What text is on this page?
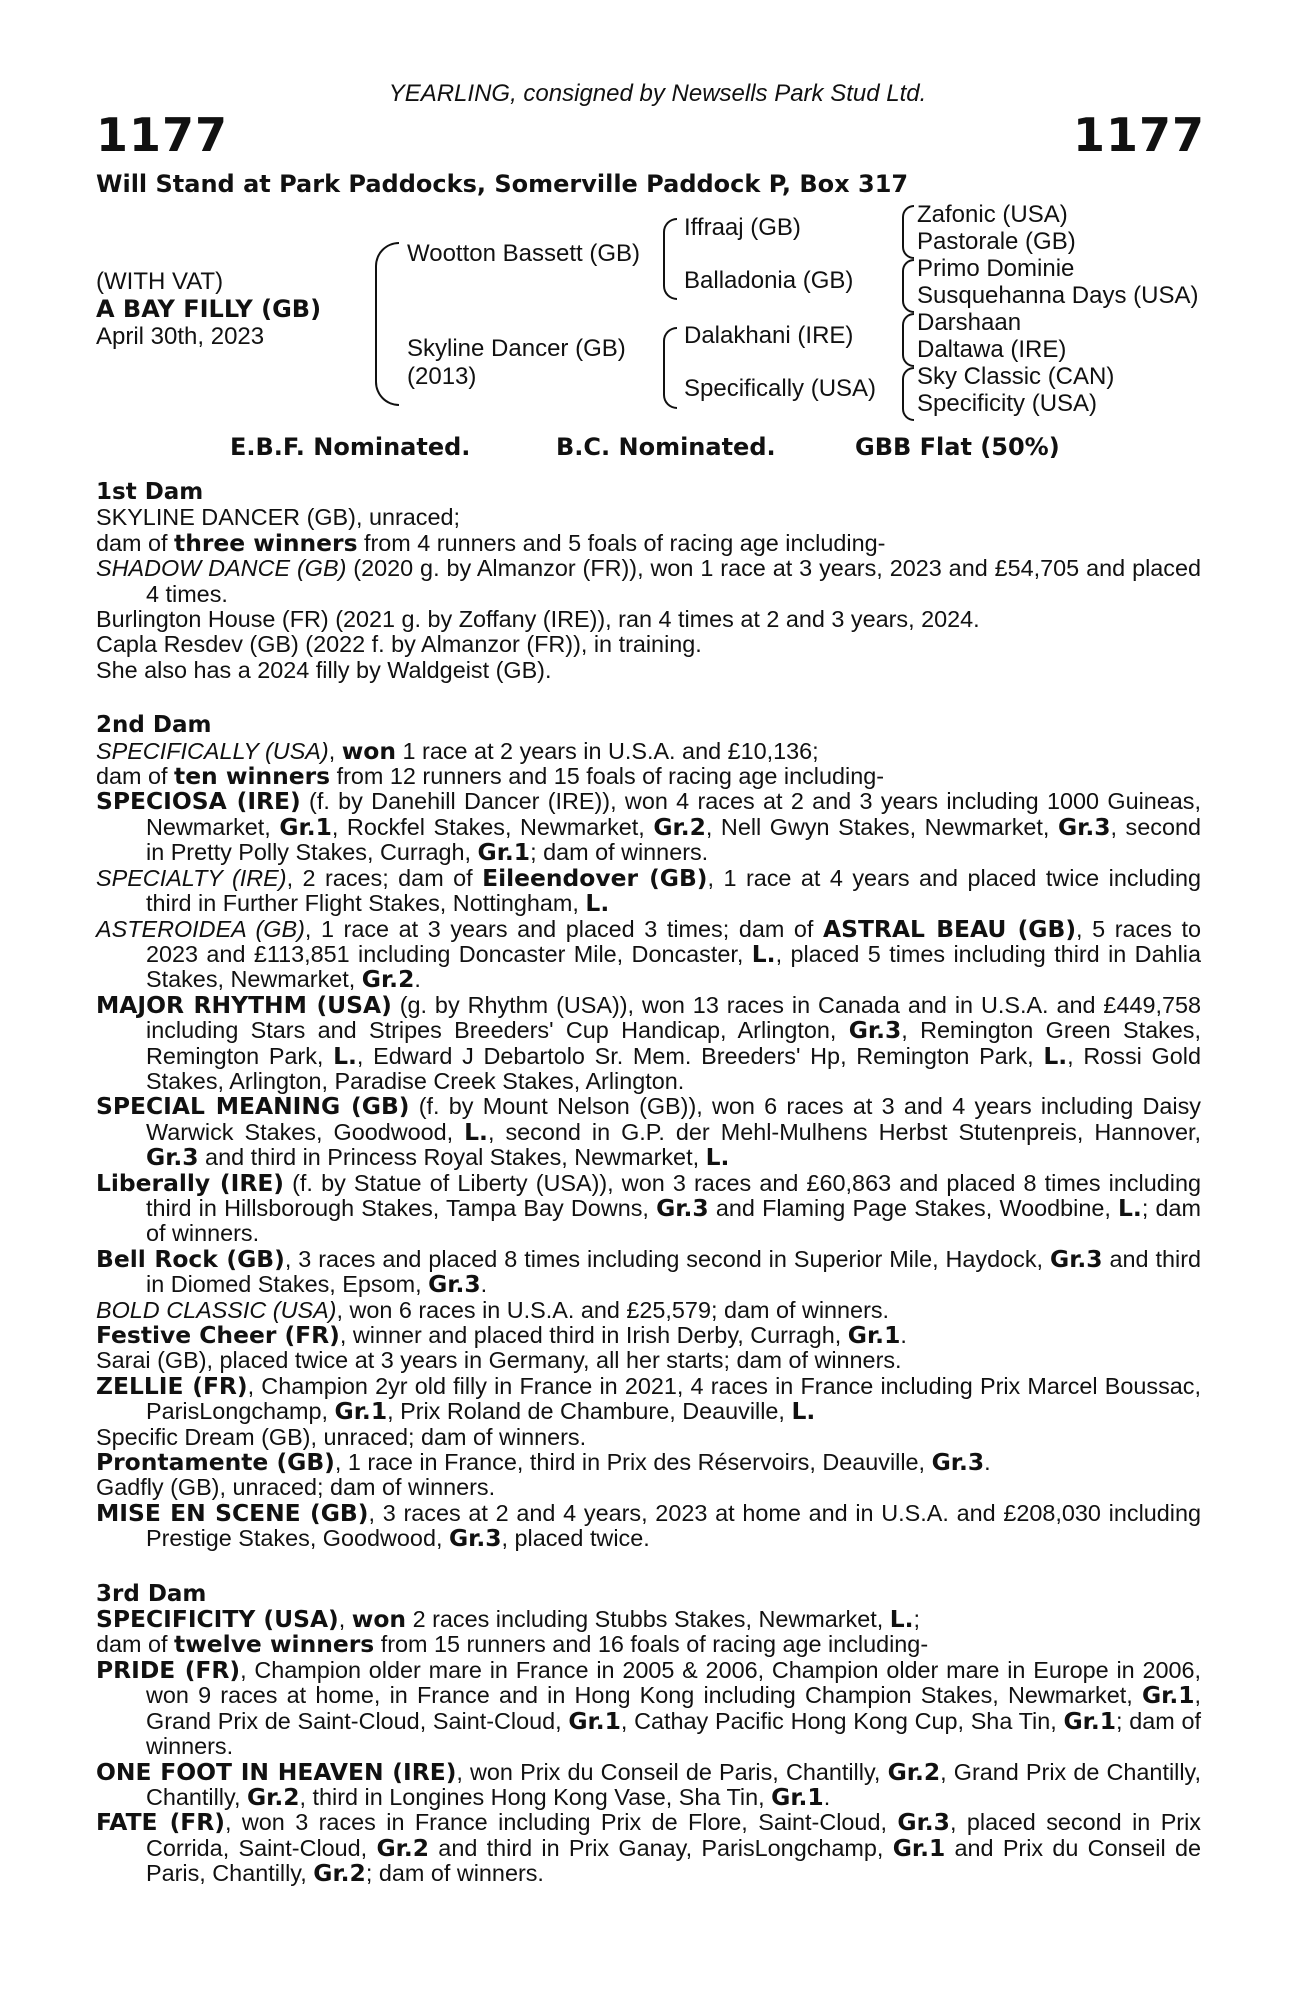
YEARLING, consigned by Newsells Park Stud Ltd.
1177	1177
Will Stand at Park Paddocks, Somerville Paddock P, Box 317
(WITH VAT)
A BAY FILLY (GB)
April 30th, 2023
Wootton Bassett (GB)
Skyline Dancer (GB)
(2013)
Iffraaj (GB)
Balladonia (GB)
Dalakhani (IRE)
Specifically (USA)
Zafonic (USA)
Pastorale (GB)
Primo Dominie
Susquehanna Days (USA)
Darshaan
Daltawa (IRE)
Sky Classic (CAN)
Specificity (USA)
E.B.F. Nominated.	B.C. Nominated.	GBB Flat (50%)

1st Dam

SKYLINE DANCER (GB), unraced;

dam of three winners from 4 runners and 5 foals of racing age including-

SHADOW DANCE (GB) (2020 g. by Almanzor (FR)), won 1 race at 3 years, 2023 and £54,705 and placed 4 times.

Burlington House (FR) (2021 g. by Zoffany (IRE)), ran 4 times at 2 and 3 years, 2024.

Capla Resdev (GB) (2022 f. by Almanzor (FR)), in training.

She also has a 2024 filly by Waldgeist (GB).

2nd Dam

SPECIFICALLY (USA), won 1 race at 2 years in U.S.A. and £10,136;

dam of ten winners from 12 runners and 15 foals of racing age including-

SPECIOSA (IRE) (f. by Danehill Dancer (IRE)), won 4 races at 2 and 3 years including 1000 Guineas, Newmarket, Gr.1, Rockfel Stakes, Newmarket, Gr.2, Nell Gwyn Stakes, Newmarket, Gr.3, second in Pretty Polly Stakes, Curragh, Gr.1; dam of winners.

SPECIALTY (IRE), 2 races; dam of Eileendover (GB), 1 race at 4 years and placed twice including third in Further Flight Stakes, Nottingham, L.

ASTEROIDEA (GB), 1 race at 3 years and placed 3 times; dam of ASTRAL BEAU (GB), 5 races to 2023 and £113,851 including Doncaster Mile, Doncaster, L., placed 5 times including third in Dahlia Stakes, Newmarket, Gr.2.

MAJOR RHYTHM (USA) (g. by Rhythm (USA)), won 13 races in Canada and in U.S.A. and £449,758 including Stars and Stripes Breeders' Cup Handicap, Arlington, Gr.3, Remington Green Stakes, Remington Park, L., Edward J Debartolo Sr. Mem. Breeders' Hp, Remington Park, L., Rossi Gold Stakes, Arlington, Paradise Creek Stakes, Arlington.

SPECIAL MEANING (GB) (f. by Mount Nelson (GB)), won 6 races at 3 and 4 years including Daisy Warwick Stakes, Goodwood, L., second in G.P. der Mehl-Mulhens Herbst Stutenpreis, Hannover, Gr.3 and third in Princess Royal Stakes, Newmarket, L.

Liberally (IRE) (f. by Statue of Liberty (USA)), won 3 races and £60,863 and placed 8 times including third in Hillsborough Stakes, Tampa Bay Downs, Gr.3 and Flaming Page Stakes, Woodbine, L.; dam of winners.

Bell Rock (GB), 3 races and placed 8 times including second in Superior Mile, Haydock, Gr.3 and third in Diomed Stakes, Epsom, Gr.3.

BOLD CLASSIC (USA), won 6 races in U.S.A. and £25,579; dam of winners.

Festive Cheer (FR), winner and placed third in Irish Derby, Curragh, Gr.1.

Sarai (GB), placed twice at 3 years in Germany, all her starts; dam of winners.

ZELLIE (FR), Champion 2yr old filly in France in 2021, 4 races in France including Prix Marcel Boussac, ParisLongchamp, Gr.1, Prix Roland de Chambure, Deauville, L.

Specific Dream (GB), unraced; dam of winners.

Prontamente (GB), 1 race in France, third in Prix des Réservoirs, Deauville, Gr.3.

Gadfly (GB), unraced; dam of winners.

MISE EN SCENE (GB), 3 races at 2 and 4 years, 2023 at home and in U.S.A. and £208,030 including Prestige Stakes, Goodwood, Gr.3, placed twice.

3rd Dam

SPECIFICITY (USA), won 2 races including Stubbs Stakes, Newmarket, L.;

dam of twelve winners from 15 runners and 16 foals of racing age including-

PRIDE (FR), Champion older mare in France in 2005 & 2006, Champion older mare in Europe in 2006, won 9 races at home, in France and in Hong Kong including Champion Stakes, Newmarket, Gr.1, Grand Prix de Saint-Cloud, Saint-Cloud, Gr.1, Cathay Pacific Hong Kong Cup, Sha Tin, Gr.1; dam of winners.

ONE FOOT IN HEAVEN (IRE), won Prix du Conseil de Paris, Chantilly, Gr.2, Grand Prix de Chantilly, Chantilly, Gr.2, third in Longines Hong Kong Vase, Sha Tin, Gr.1.

FATE (FR), won 3 races in France including Prix de Flore, Saint-Cloud, Gr.3, placed second in Prix Corrida, Saint-Cloud, Gr.2 and third in Prix Ganay, ParisLongchamp, Gr.1 and Prix du Conseil de Paris, Chantilly, Gr.2; dam of winners.
